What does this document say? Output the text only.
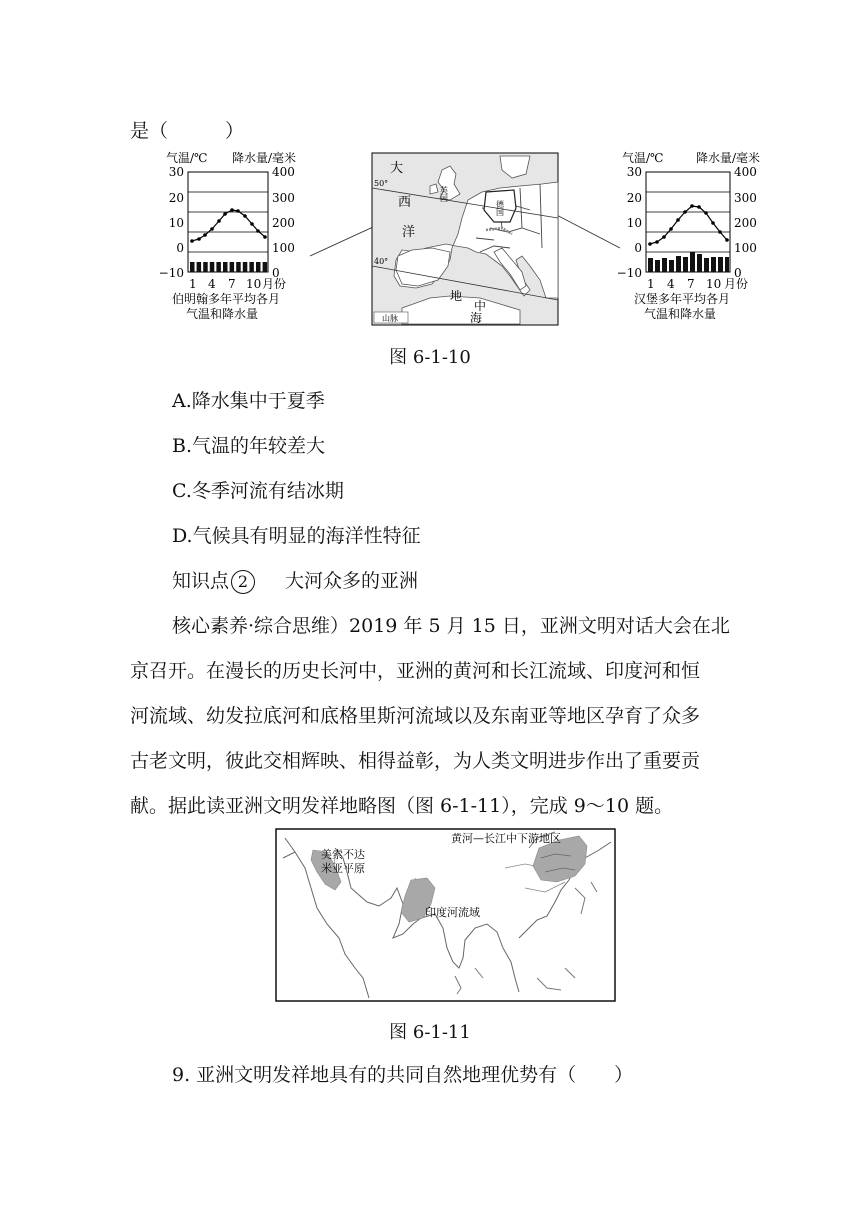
是（　　　）
气温/℃ 降水量/毫米
30
20
10
0
−10
400
300
200
100
0
1 4 7 10 月份
伯明翰多年平均各月
气温和降水量
大
西
洋
地
中
海
英国
德国
50°
40°
山脉
气温/℃	降水量/毫米
30
20
10
0
−10
400
300
200
100
0
1 4 7 10 月份
汉堡多年平均各月
气温和降水量
图 6-1-10
A.降水集中于夏季
B.气温的年较差大
C.冬季河流有结冰期
D.气候具有明显的海洋性特征
知识点 2 大河众多的亚洲
核心素养·综合思维）2019 年 5 月 15 日，亚洲文明对话大会在北
京召开。在漫长的历史长河中，亚洲的黄河和长江流域、印度河和恒
河流域、幼发拉底河和底格里斯河流域以及东南亚等地区孕育了众多
古老文明，彼此交相辉映、相得益彰，为人类文明进步作出了重要贡
献。据此读亚洲文明发祥地略图（图 6-1-11），完成 9～10 题。
黄河—长江中下游地区
美索不达
米亚平原
印度河流域
图 6-1-11
9. 亚洲文明发祥地具有的共同自然地理优势有（　　）
